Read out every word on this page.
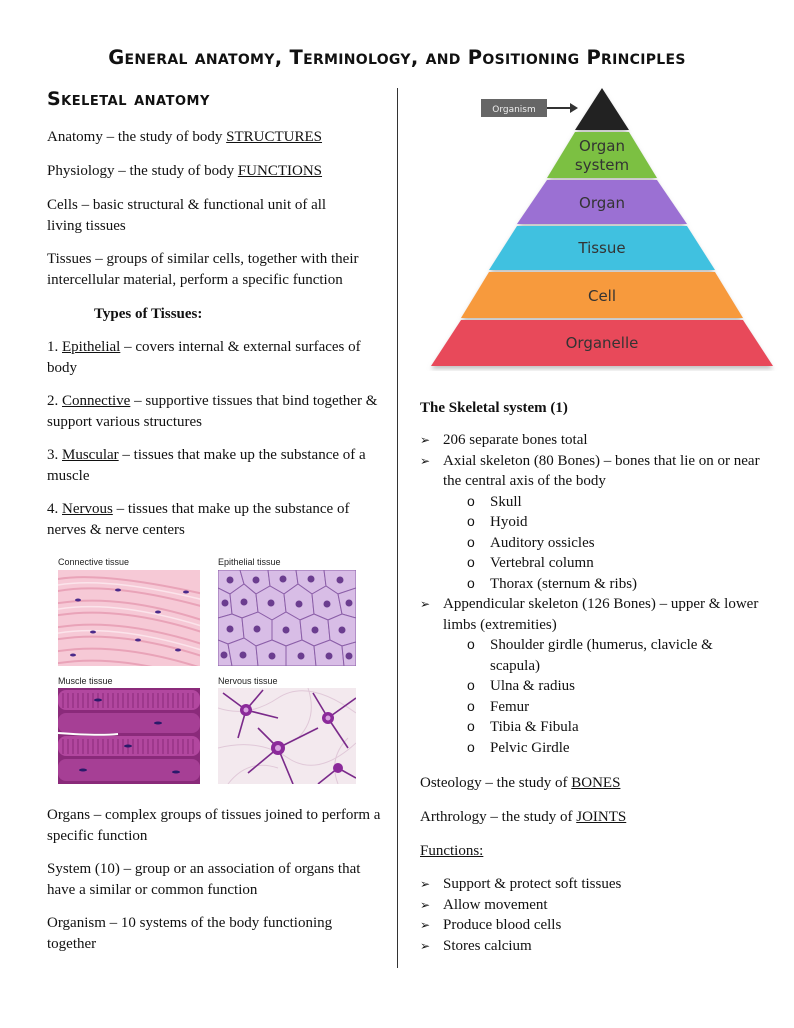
General anatomy, Terminology, and Positioning Principles
Skeletal anatomy
Anatomy – the study of body STRUCTURES
Physiology – the study of body FUNCTIONS
Cells – basic structural & functional unit of all living tissues
Tissues – groups of similar cells, together with their intercellular material, perform a specific function
Types of Tissues:
1. Epithelial – covers internal & external surfaces of body
2. Connective – supportive tissues that bind together & support various structures
3. Muscular – tissues that make up the substance of a muscle
4. Nervous – tissues that make up the substance of nerves & nerve centers
Connective tissue	Epithelial tissue
Muscle tissue	Nervous tissue
Organs – complex groups of tissues joined to perform a specific function
System (10) – group or an association of organs that have a similar or common function
Organism – 10 systems of the body functioning together
Organ
system
Organ
Tissue
Cell
Organelle
Organism
The Skeletal system (1)
➢ 206 separate bones total
➢ Axial skeleton (80 Bones) – bones that lie on or near the central axis of the body
o Skull
o Hyoid
o Auditory ossicles
o Vertebral column
o Thorax (sternum & ribs)
➢ Appendicular skeleton (126 Bones) – upper & lower limbs (extremities)
o Shoulder girdle (humerus, clavicle & scapula)
o Ulna & radius
o Femur
o Tibia & Fibula
o Pelvic Girdle
Osteology – the study of BONES
Arthrology – the study of JOINTS
Functions:
➢ Support & protect soft tissues
➢ Allow movement
➢ Produce blood cells
➢ Stores calcium
